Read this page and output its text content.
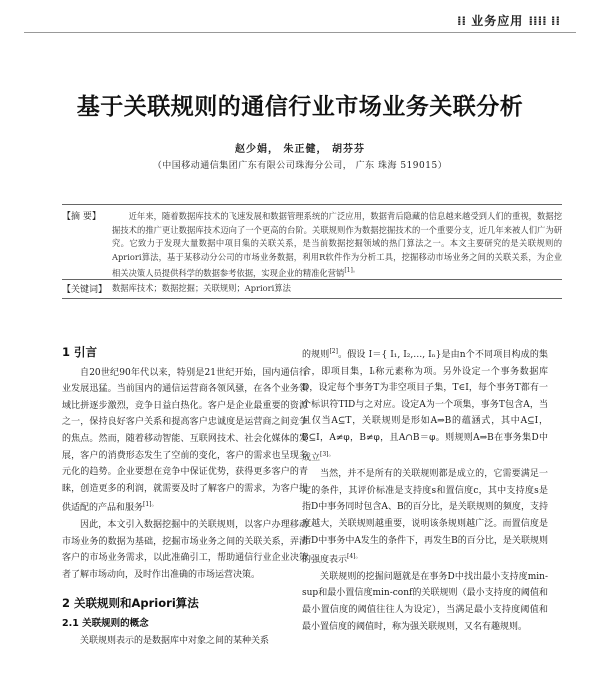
⁞⁞ 业务应用 ⁞⁞⁞⁞ ⁞⁞
基于关联规则的通信行业市场业务关联分析
赵少娟， 朱正健， 胡芬芬
（中国移动通信集团广东有限公司珠海分公司， 广东 珠海 519015）
【摘 要】	近年来，随着数据库技术的飞速发展和数据管理系统的广泛应用，数据背后隐藏的信息越来越受到人们的重视，数据挖掘技术的推广更让数据库技术迈向了一个更高的台阶。关联规则作为数据挖掘技术的一个重要分支，近几年来被人们广为研究。它致力于发现大量数据中项目集的关联关系，是当前数据挖掘领域的热门算法之一。本文主要研究的是关联规则的Apriori算法，基于某移动分公司的市场业务数据，利用R软件作为分析工具，挖掘移动市场业务之间的关联关系，为企业相关决策人员提供科学的数据参考依据，实现企业的精准化营销$^{[1]。}$

【关键词】 数据库技术；数据挖掘；关联规则；Apriori算法
1 引言

自20世纪90年代以来，特别是21世纪开始，国内通信行业发展迅猛。当前国内的通信运营商各领风骚，在各个业务领域比拼逐步激烈，竞争日益白热化。客户是企业最重要的资源之一，保持良好客户关系和提高客户忠诚度是运营商之间竞争的焦点。然而，随着移动智能、互联网技术、社会化媒体的发展，客户的消费形态发生了空前的变化，客户的需求也呈现多元化的趋势。企业要想在竞争中保证优势，获得更多客户的青睐，创造更多的利润，就需要及时了解客户的需求，为客户提供适配的产品和服务$^{[1]。}$

因此，本文引入数据挖掘中的关联规则，以客户办理移动市场业务的数据为基础，挖掘市场业务之间的关联关系，弄清客户的市场业务需求，以此准确引工，帮助通信行业企业决策者了解市场动向，及时作出准确的市场运营决策。

2 关联规则和Apriori算法
2.1 关联规则的概念

关联规则表示的是数据库中对象之间的某种关系

的规则[2]。假设 I＝{ I₁, I₂,…, Iₙ}是由n个不同项目构成的集合，即项目集，Iᵢ称元素称为项。另外设定一个事务数据库D，设定每个事务T为非空项目子集，T∈I，每个事务T都有一个标识符TID与之对应。设定A为一个项集，事务T包含A，当且仅当A⊆T，关联规则是形如A⇒B的蕴涵式，其中A⊆I，B⊆I，A≠φ，B≠φ，且A∩B＝φ。则规则A⇒B在事务集D中成立$^{[3]。}$

当然，并不是所有的关联规则都是成立的，它需要满足一定的条件，其评价标准是支持度s和置信度c，其中支持度s是指D中事务同时包含A、B的百分比，是关联规则的频度，支持度越大，关联规则越重要，说明该条规则越广泛。而置信度是指D中事务中A发生的条件下，再发生B的百分比，是关联规则的强度表示$^{[4]。}$

关联规则的挖掘问题就是在事务D中找出最小支持度min-sup和最小置信度min-conf的关联规则（最小支持度的阈值和最小置信度的阈值往往人为设定），当满足最小支持度阈值和最小置信度的阈值时，称为强关联规则，又名有趣规则。
